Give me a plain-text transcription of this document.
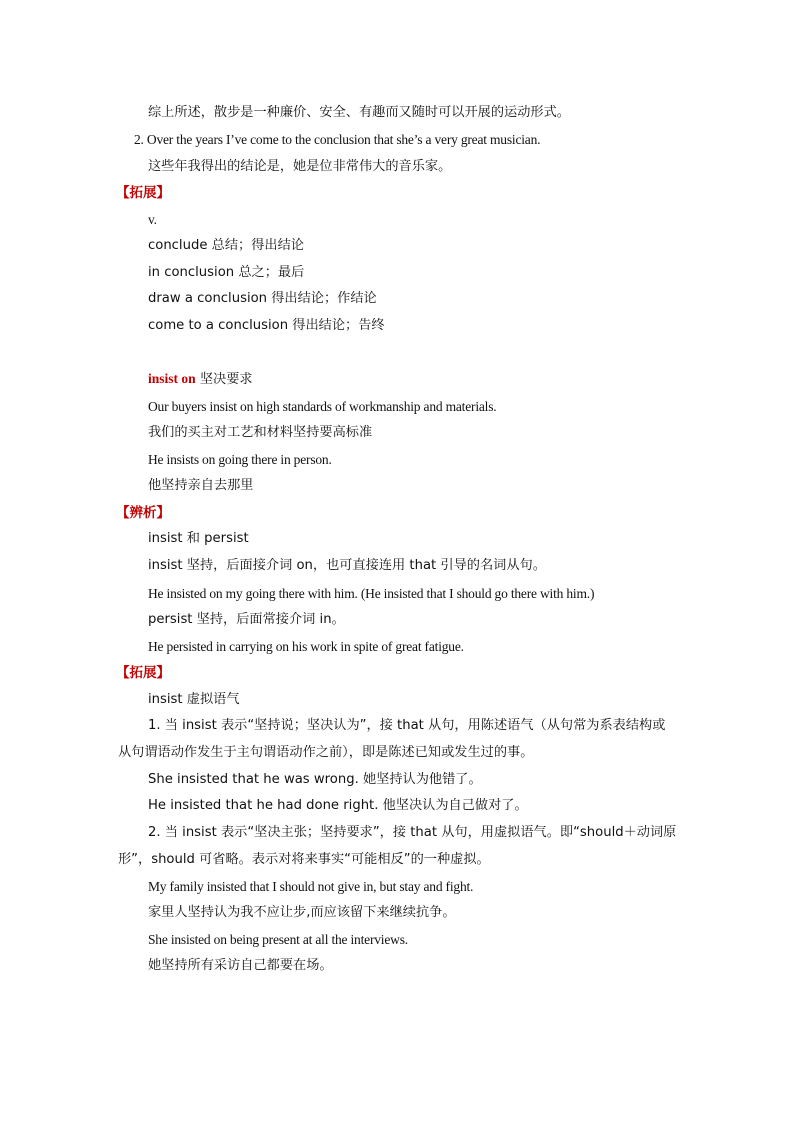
综上所述，散步是一种廉价、安全、有趣而又随时可以开展的运动形式。
2. Over the years I’ve come to the conclusion that she’s a very great musician.
这些年我得出的结论是，她是位非常伟大的音乐家。
【拓展】
v.
conclude 总结；得出结论
in conclusion 总之；最后
draw a conclusion 得出结论；作结论
come to a conclusion 得出结论；告终
insist on 坚决要求
Our buyers insist on high standards of workmanship and materials.
我们的买主对工艺和材料坚持要高标准
He insists on going there in person.
他坚持亲自去那里
【辨析】
insist 和 persist
insist 坚持，后面接介词 on，也可直接连用 that 引导的名词从句。
He insisted on my going there with him. (He insisted that I should go there with him.)
persist 坚持，后面常接介词 in。
He persisted in carrying on his work in spite of great fatigue.
【拓展】
insist 虚拟语气
1. 当 insist 表示“坚持说；坚决认为”，接 that 从句，用陈述语气（从句常为系表结构或
从句谓语动作发生于主句谓语动作之前），即是陈述已知或发生过的事。
She insisted that he was wrong. 她坚持认为他错了。
He insisted that he had done right. 他坚决认为自己做对了。
2. 当 insist 表示“坚决主张；坚持要求”，接 that 从句，用虚拟语气。即“should＋动词原
形”，should 可省略。表示对将来事实“可能相反”的一种虚拟。
My family insisted that I should not give in, but stay and fight.
家里人坚持认为我不应让步,而应该留下来继续抗争。
She insisted on being present at all the interviews.
她坚持所有采访自己都要在场。
